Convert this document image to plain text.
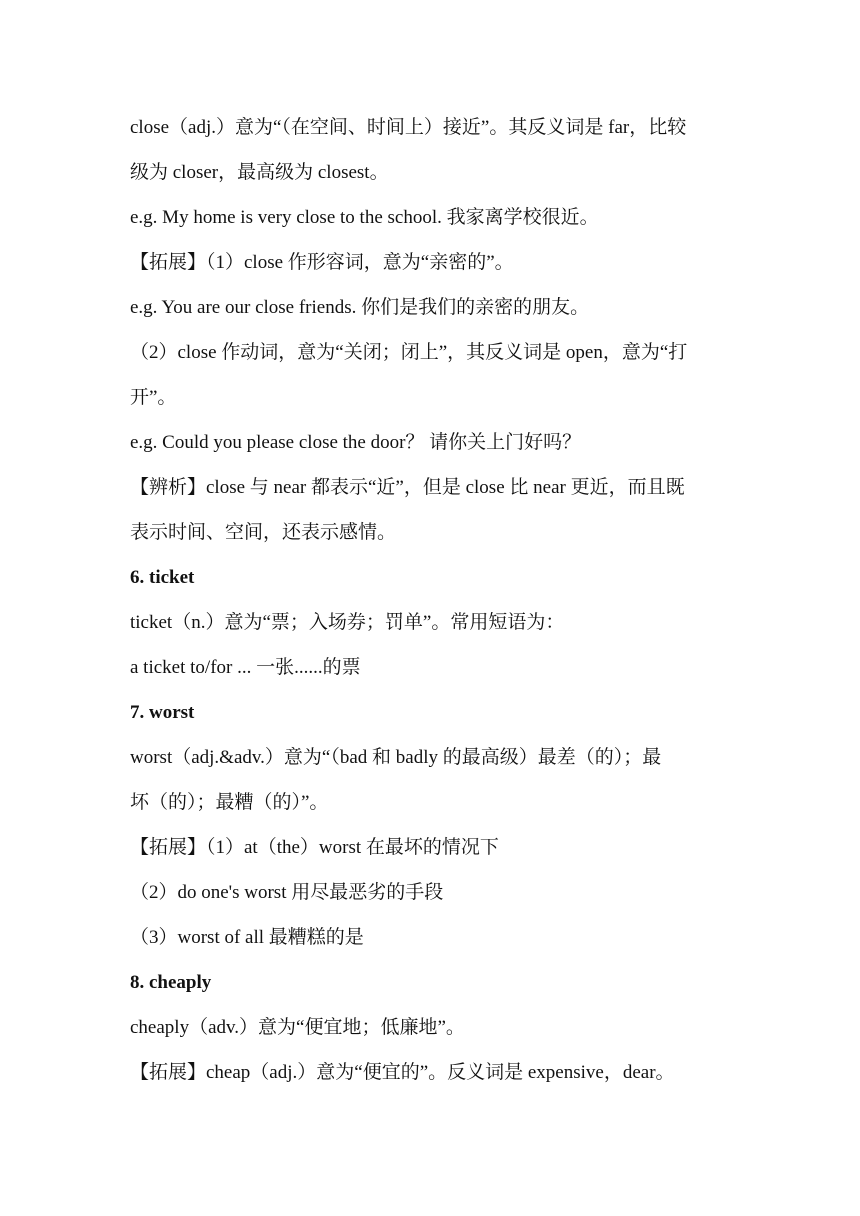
close（adj.）意为“（在空间、时间上）接近”。其反义词是 far，比较
级为 closer，最高级为 closest。
e.g. My home is very close to the school. 我家离学校很近。
【拓展】（1）close 作形容词，意为“亲密的”。
e.g. You are our close friends. 你们是我们的亲密的朋友。
（2）close 作动词，意为“关闭；闭上”，其反义词是 open，意为“打
开”。
e.g. Could you please close the door？ 请你关上门好吗？
【辨析】close 与 near 都表示“近”，但是 close 比 near 更近，而且既
表示时间、空间，还表示感情。
6. ticket
ticket（n.）意为“票；入场券；罚单”。常用短语为：
a ticket to/for ... 一张......的票
7. worst
worst（adj.&adv.）意为“（bad 和 badly 的最高级）最差（的）；最
坏（的）；最糟（的）”。
【拓展】（1）at（the）worst 在最坏的情况下
（2）do one's worst 用尽最恶劣的手段
（3）worst of all 最糟糕的是
8. cheaply
cheaply（adv.）意为“便宜地；低廉地”。
【拓展】cheap（adj.）意为“便宜的”。反义词是 expensive，dear。
